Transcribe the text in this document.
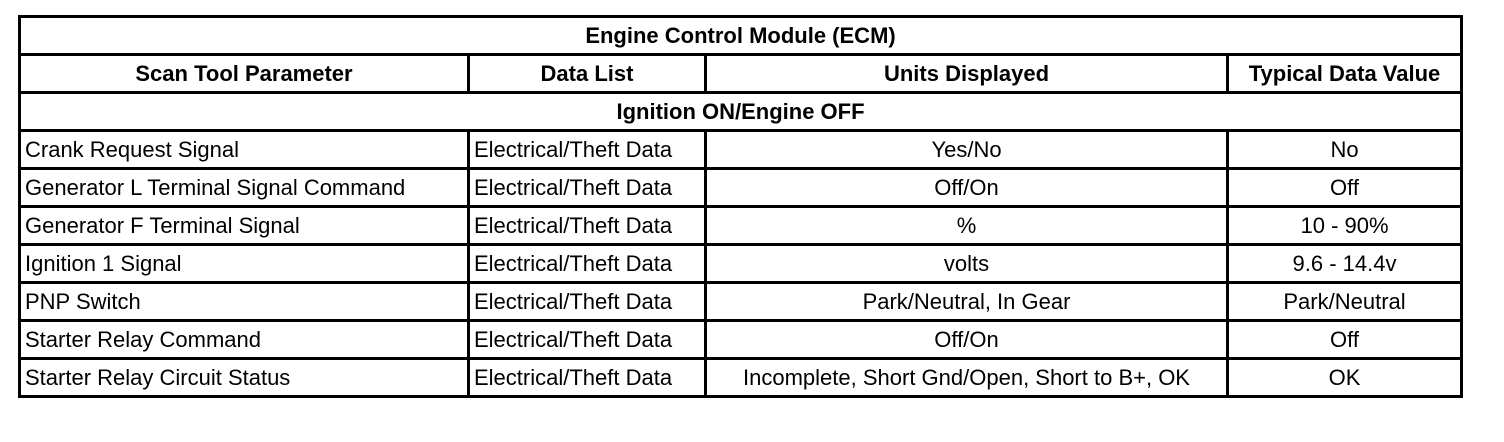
Engine Control Module (ECM)			
Scan Tool Parameter	Data List	Units Displayed	Typical Data Value
Ignition ON/Engine OFF			
Crank Request Signal	Electrical/Theft Data	Yes/No	No
Generator L Terminal Signal Command	Electrical/Theft Data	Off/On	Off
Generator F Terminal Signal	Electrical/Theft Data	%	10 - 90%
Ignition 1 Signal	Electrical/Theft Data	volts	9.6 - 14.4v
PNP Switch	Electrical/Theft Data	Park/Neutral, In Gear	Park/Neutral
Starter Relay Command	Electrical/Theft Data	Off/On	Off
Starter Relay Circuit Status	Electrical/Theft Data	Incomplete, Short Gnd/Open, Short to B+, OK	OK
